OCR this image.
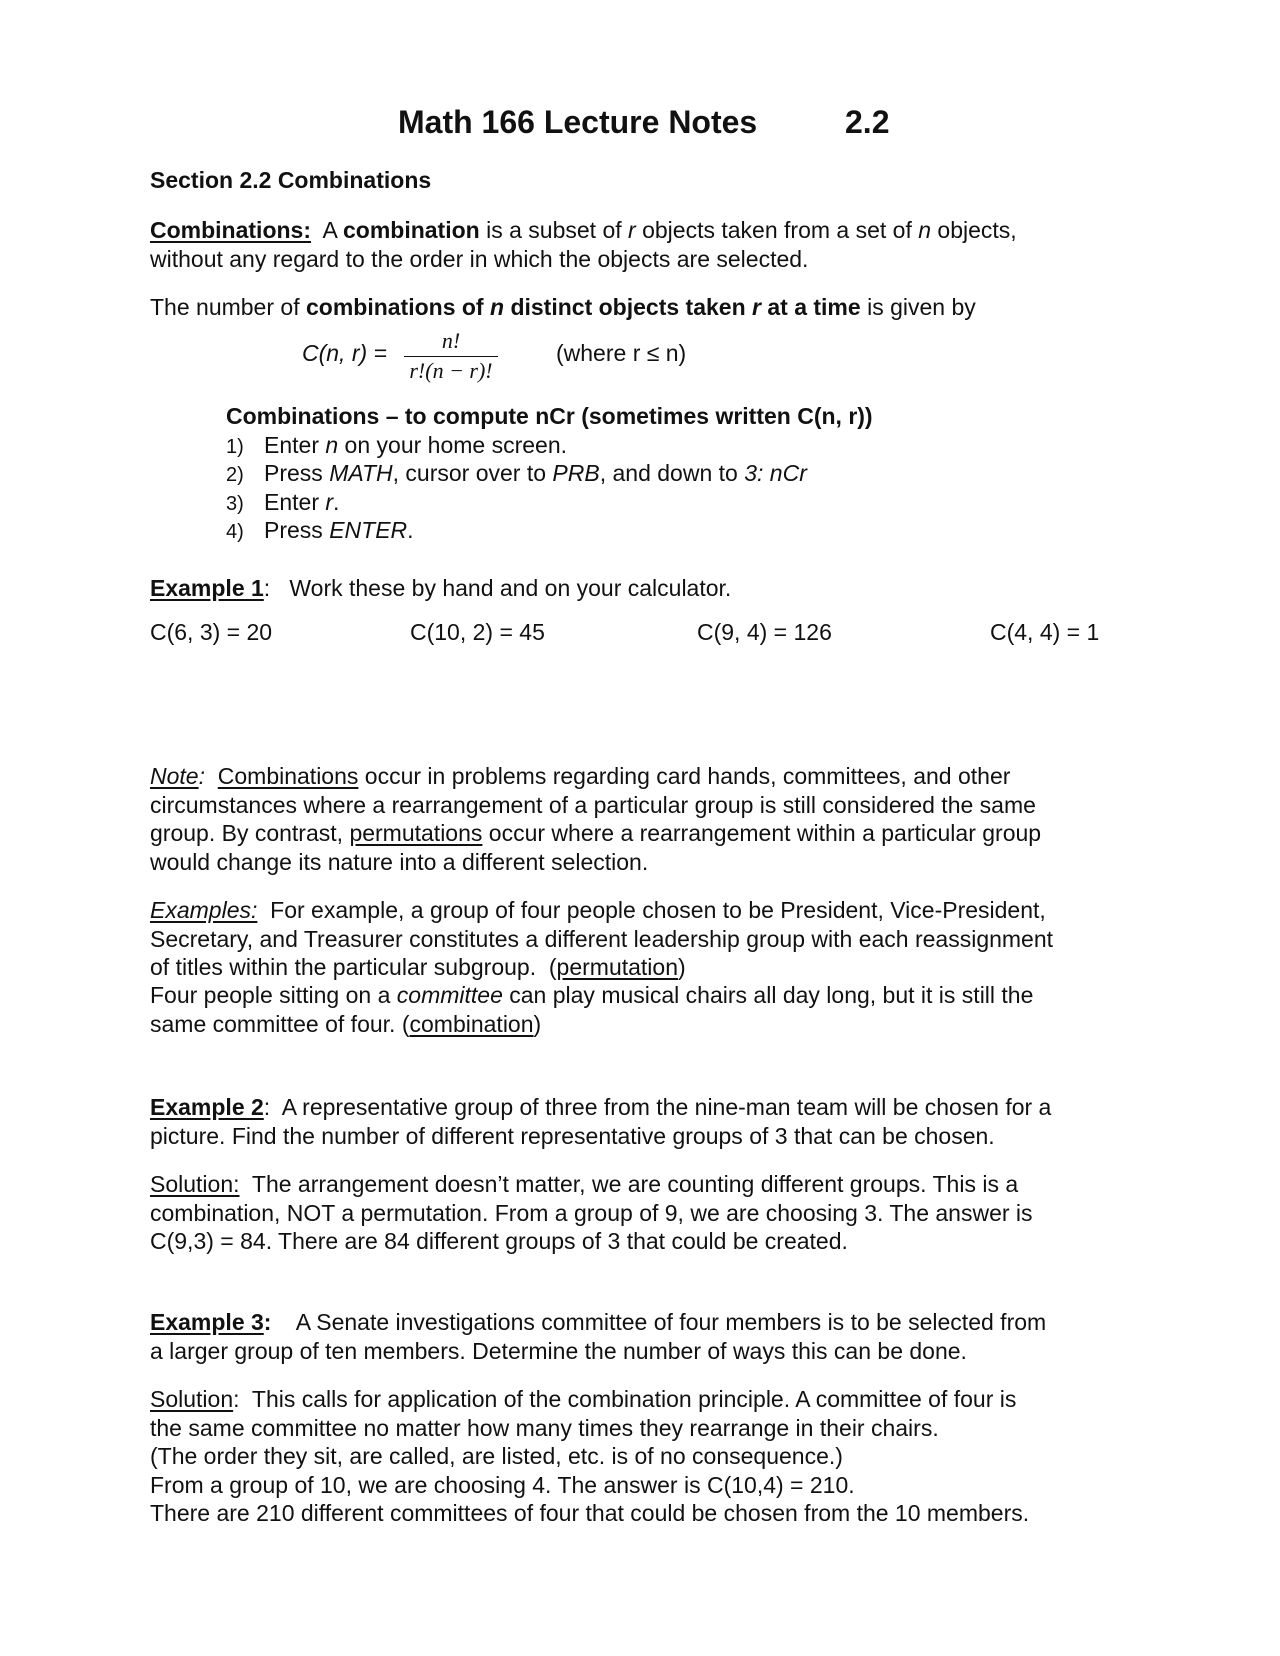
Math 166 Lecture Notes	2.2
Section 2.2 Combinations
Combinations: A combination is a subset of r objects taken from a set of n objects,
without any regard to the order in which the objects are selected.
The number of combinations of n distinct objects taken r at a time is given by
C(n, r) =	n!
r!(n − r)!
(where r ≤ n)
Combinations – to compute nCr (sometimes written C(n, r))
1) Enter n on your home screen.
2) Press MATH, cursor over to PRB, and down to 3: nCr
3) Enter r.
4) Press ENTER.
Example 1: Work these by hand and on your calculator.
C(6, 3) = 20	C(10, 2) = 45	C(9, 4) = 126	C(4, 4) = 1
Note: Combinations occur in problems regarding card hands, committees, and other
circumstances where a rearrangement of a particular group is still considered the same
group. By contrast, permutations occur where a rearrangement within a particular group
would change its nature into a different selection.
Examples: For example, a group of four people chosen to be President, Vice-President,
Secretary, and Treasurer constitutes a different leadership group with each reassignment
of titles within the particular subgroup.  (permutation)
Four people sitting on a committee can play musical chairs all day long, but it is still the
same committee of four. (combination)
Example 2: A representative group of three from the nine-man team will be chosen for a
picture. Find the number of different representative groups of 3 that can be chosen.
Solution: The arrangement doesn’t matter, we are counting different groups. This is a
combination, NOT a permutation. From a group of 9, we are choosing 3. The answer is
C(9,3) = 84. There are 84 different groups of 3 that could be created.
Example 3: A Senate investigations committee of four members is to be selected from
a larger group of ten members. Determine the number of ways this can be done.
Solution: This calls for application of the combination principle. A committee of four is
the same committee no matter how many times they rearrange in their chairs.
(The order they sit, are called, are listed, etc. is of no consequence.)
From a group of 10, we are choosing 4. The answer is C(10,4) = 210.
There are 210 different committees of four that could be chosen from the 10 members.
